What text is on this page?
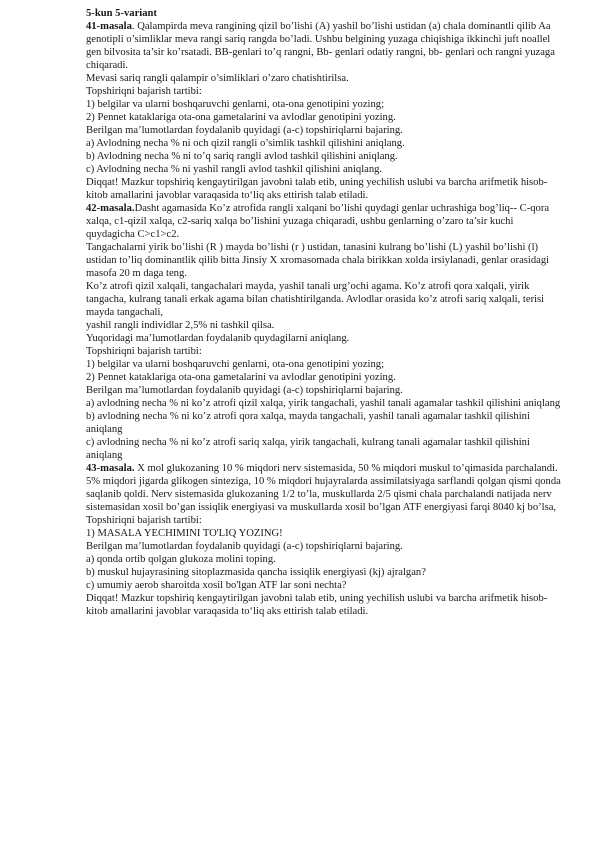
5-kun 5-variant

41-masala. Qalampirda meva rangining qizil bo’lishi (A) yashil bo’lishi ustidan (a) chala dominantli qilib Aa genotipli o’simliklar meva rangi sariq rangda bo’ladi. Ushbu belgining yuzaga chiqishiga ikkinchi juft noallel gen bilvosita ta’sir ko’rsatadi. BB-genlari to’q rangni, Bb- genlari odatiy rangni, bb- genlari och rangni yuzaga chiqaradi.

Mevasi sariq rangli qalampir o’simliklari o’zaro chatishtirilsa.

Topshiriqni bajarish tartibi:

1) belgilar va ularni boshqaruvchi genlarni, ota-ona genotipini yozing;

2) Pennet kataklariga ota-ona gametalarini va avlodlar genotipini yozing.

Berilgan ma’lumotlardan foydalanib quyidagi (a-c) topshiriqlarni bajaring.

a) Avlodning necha % ni och qizil rangli o’simlik tashkil qilishini aniqlang.

b) Avlodning necha % ni to’q sariq rangli avlod tashkil qilishini aniqlang.

c) Avlodning necha % ni yashil rangli avlod tashkil qilishini aniqlang.

Diqqat! Mazkur topshiriq kengaytirilgan javobni talab etib, uning yechilish uslubi va barcha arifmetik hisob-kitob amallarini javoblar varaqasida to‘liq aks ettirish talab etiladi.

42-masala.Dasht agamasida Ko’z atrofida rangli xalqani bo’lishi quydagi genlar uchrashiga bog’liq-- C-qora xalqa, c1-qizil xalqa, c2-sariq xalqa bo’lishini yuzaga chiqaradi, ushbu genlarning o’zaro ta’sir kuchi quydagicha C>c1>c2.

Tangachalarni yirik bo’lishi (R ) mayda bo’lishi (r ) ustidan, tanasini kulrang bo’lishi (L) yashil bo’lishi (l) ustidan to’liq dominantlik qilib bitta Jinsiy X xromasomada chala birikkan xolda irsiylanadi, genlar orasidagi masofa 20 m daga teng.

Ko’z atrofi qizil xalqali, tangachalari mayda, yashil tanali urg’ochi agama. Ko’z atrofi qora xalqali, yirik tangacha, kulrang tanali erkak agama bilan chatishtirilganda. Avlodlar orasida ko’z atrofi sariq xalqali, terisi mayda tangachali,

yashil rangli individlar 2,5% ni tashkil qilsa.

Yuqoridagi ma’lumotlardan foydalanib quydagilarni aniqlang.

Topshiriqni bajarish tartibi:

1) belgilar va ularni boshqaruvchi genlarni, ota-ona genotipini yozing;

2) Pennet kataklariga ota-ona gametalarini va avlodlar genotipini yozing.

Berilgan ma’lumotlardan foydalanib quyidagi (a-c) topshiriqlarni bajaring.

a) avlodning necha % ni ko’z atrofi qizil xalqa, yirik tangachali, yashil tanali agamalar tashkil qilishini aniqlang

b) avlodning necha % ni ko’z atrofi qora xalqa, mayda tangachali, yashil tanali agamalar tashkil qilishini aniqlang

c) avlodning necha % ni ko’z atrofi sariq xalqa, yirik tangachali, kulrang tanali agamalar tashkil qilishini aniqlang

43-masala. X mol glukozaning 10 % miqdori nerv sistemasida, 50 % miqdori muskul to’qimasida parchalandi. 5% miqdori jigarda glikogen sinteziga, 10 % miqdori hujayralarda assimilatsiyaga sarflandi qolgan qismi qonda saqlanib qoldi. Nerv sistemasida glukozaning 1/2 to’la, muskullarda 2/5 qismi chala parchalandi natijada nerv sistemasidan xosil bo’gan issiqlik energiyasi va muskullarda xosil bo’lgan ATF energiyasi farqi 8040 kj bo’lsa,

Topshiriqni bajarish tartibi:

1) MASALA YECHIMINI TO'LIQ YOZING!

Berilgan ma’lumotlardan foydalanib quyidagi (a-c) topshiriqlarni bajaring.

a) qonda ortib qolgan glukoza molini toping.

b) muskul hujayrasining sitoplazmasida qancha issiqlik energiyasi (kj) ajralgan?

c) umumiy aerob sharoitda xosil bo'lgan ATF lar soni nechta?

Diqqat! Mazkur topshiriq kengaytirilgan javobni talab etib, uning yechilish uslubi va barcha arifmetik hisob-kitob amallarini javoblar varaqasida to‘liq aks ettirish talab etiladi.
